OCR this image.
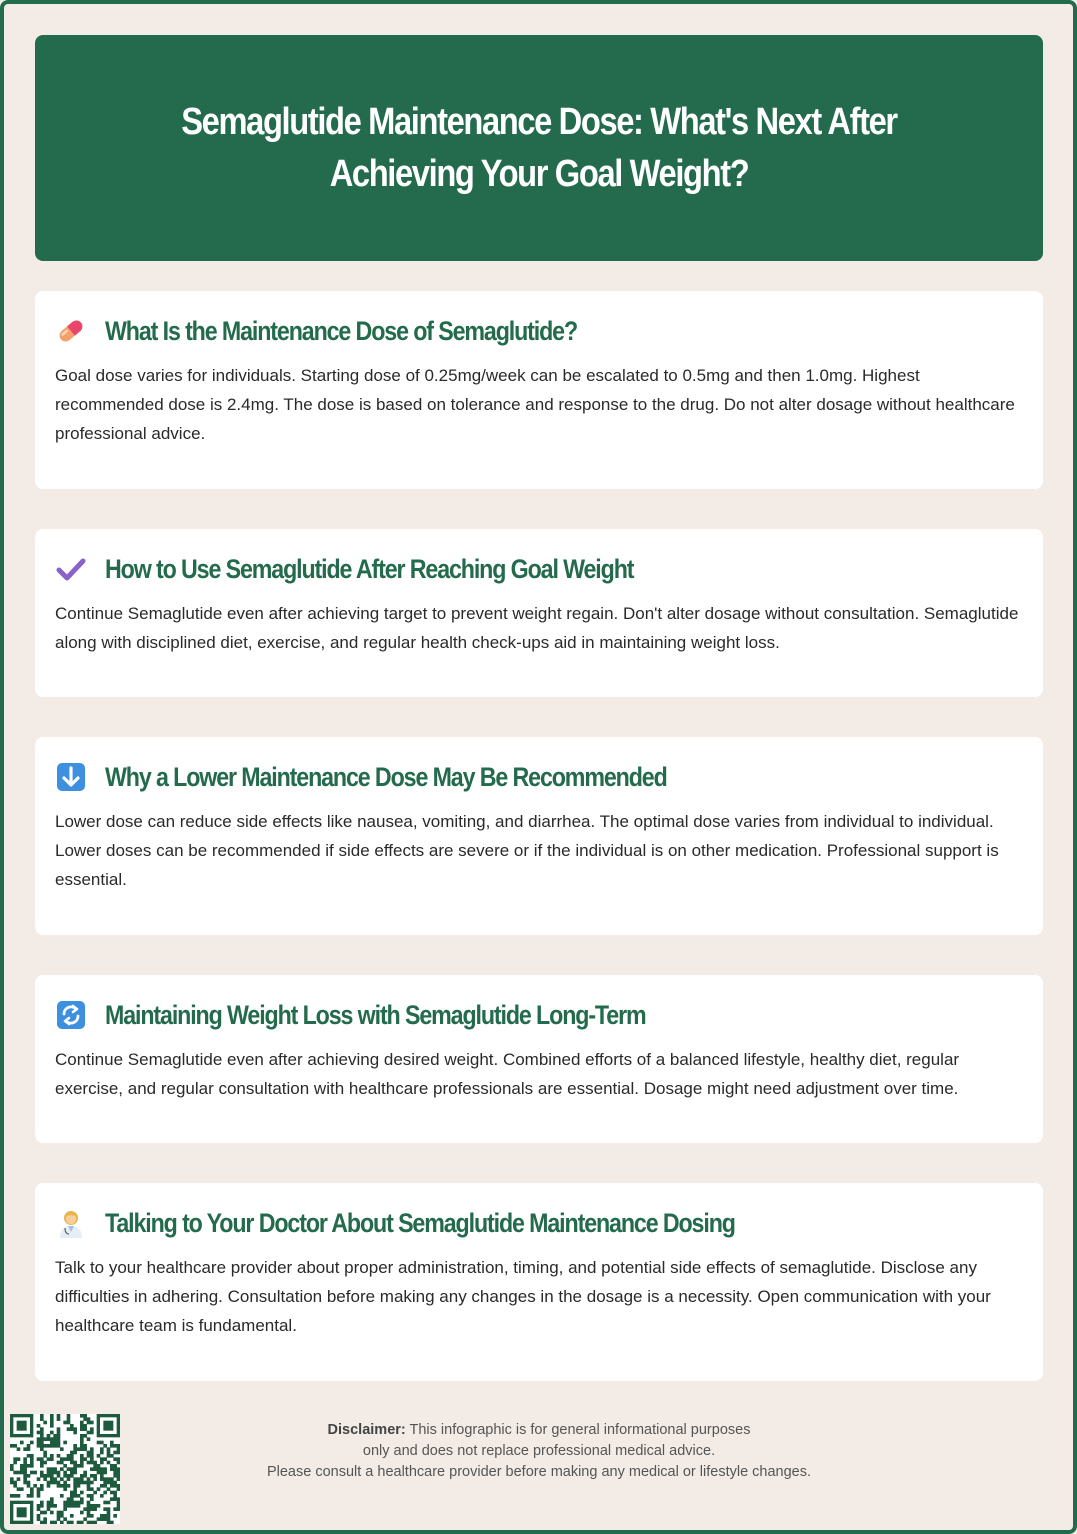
Semaglutide Maintenance Dose: What's Next After Achieving Your Goal Weight?
What Is the Maintenance Dose of Semaglutide?

Goal dose varies for individuals. Starting dose of 0.25mg/week can be escalated to 0.5mg and then 1.0mg. Highest recommended dose is 2.4mg. The dose is based on tolerance and response to the drug. Do not alter dosage without healthcare professional advice.

How to Use Semaglutide After Reaching Goal Weight

Continue Semaglutide even after achieving target to prevent weight regain. Don't alter dosage without consultation. Semaglutide along with disciplined diet, exercise, and regular health check-ups aid in maintaining weight loss.

Why a Lower Maintenance Dose May Be Recommended

Lower dose can reduce side effects like nausea, vomiting, and diarrhea. The optimal dose varies from individual to individual. Lower doses can be recommended if side effects are severe or if the individual is on other medication. Professional support is essential.

Maintaining Weight Loss with Semaglutide Long-Term

Continue Semaglutide even after achieving desired weight. Combined efforts of a balanced lifestyle, healthy diet, regular exercise, and regular consultation with healthcare professionals are essential. Dosage might need adjustment over time.

Talking to Your Doctor About Semaglutide Maintenance Dosing

Talk to your healthcare provider about proper administration, timing, and potential side effects of semaglutide. Disclose any difficulties in adhering. Consultation before making any changes in the dosage is a necessity. Open communication with your healthcare team is fundamental.

Disclaimer: This infographic is for general informational purposes
only and does not replace professional medical advice.
Please consult a healthcare provider before making any medical or lifestyle changes.
